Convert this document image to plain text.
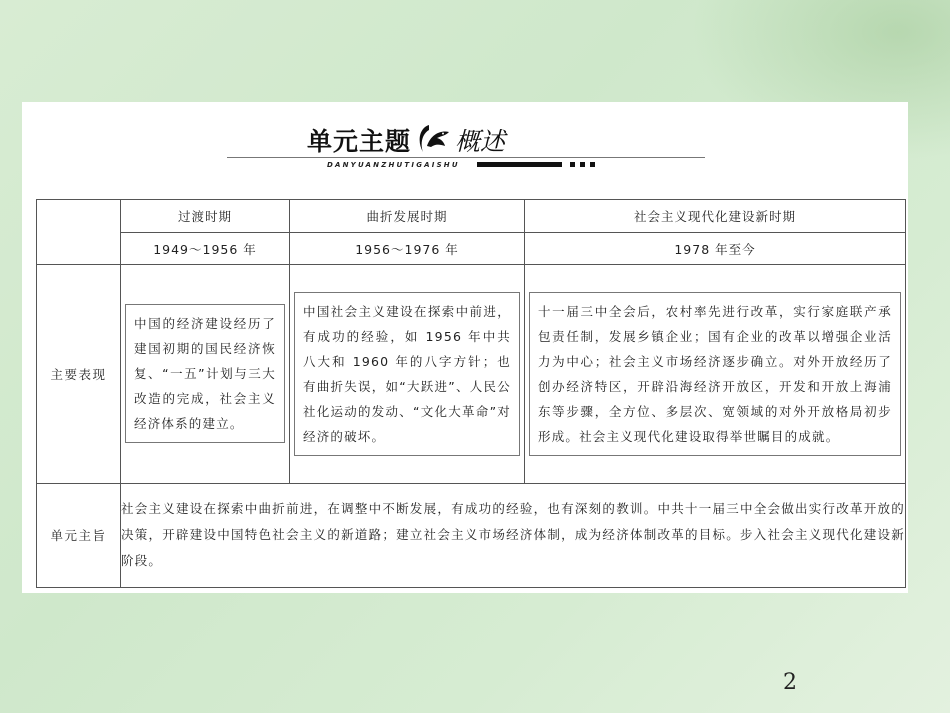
单元主题 概述
DANYUANZHUTIGAISHU
	过渡时期	曲折发展时期	社会主义现代化建设新时期
	1949～1956 年	1956～1976 年	1978 年至今
主要表现	中国的经济建设经历了建国初期的国民经济恢复、“一五”计划与三大改造的完成，社会主义经济体系的建立。	中国社会主义建设在探索中前进，有成功的经验，如 1956 年中共八大和 1960 年的八字方针；也有曲折失误，如“大跃进”、人民公社化运动的发动、“文化大革命”对经济的破坏。	十一届三中全会后，农村率先进行改革，实行家庭联产承包责任制，发展乡镇企业；国有企业的改革以增强企业活力为中心；社会主义市场经济逐步确立。对外开放经历了创办经济特区，开辟沿海经济开放区，开发和开放上海浦东等步骤，全方位、多层次、宽领域的对外开放格局初步形成。社会主义现代化建设取得举世瞩目的成就。

单元主旨	社会主义建设在探索中曲折前进，在调整中不断发展，有成功的经验，也有深刻的教训。中共十一届三中全会做出实行改革开放的决策，开辟建设中国特色社会主义的新道路；建立社会主义市场经济体制，成为经济体制改革的目标。步入社会主义现代化建设新阶段。		
2
